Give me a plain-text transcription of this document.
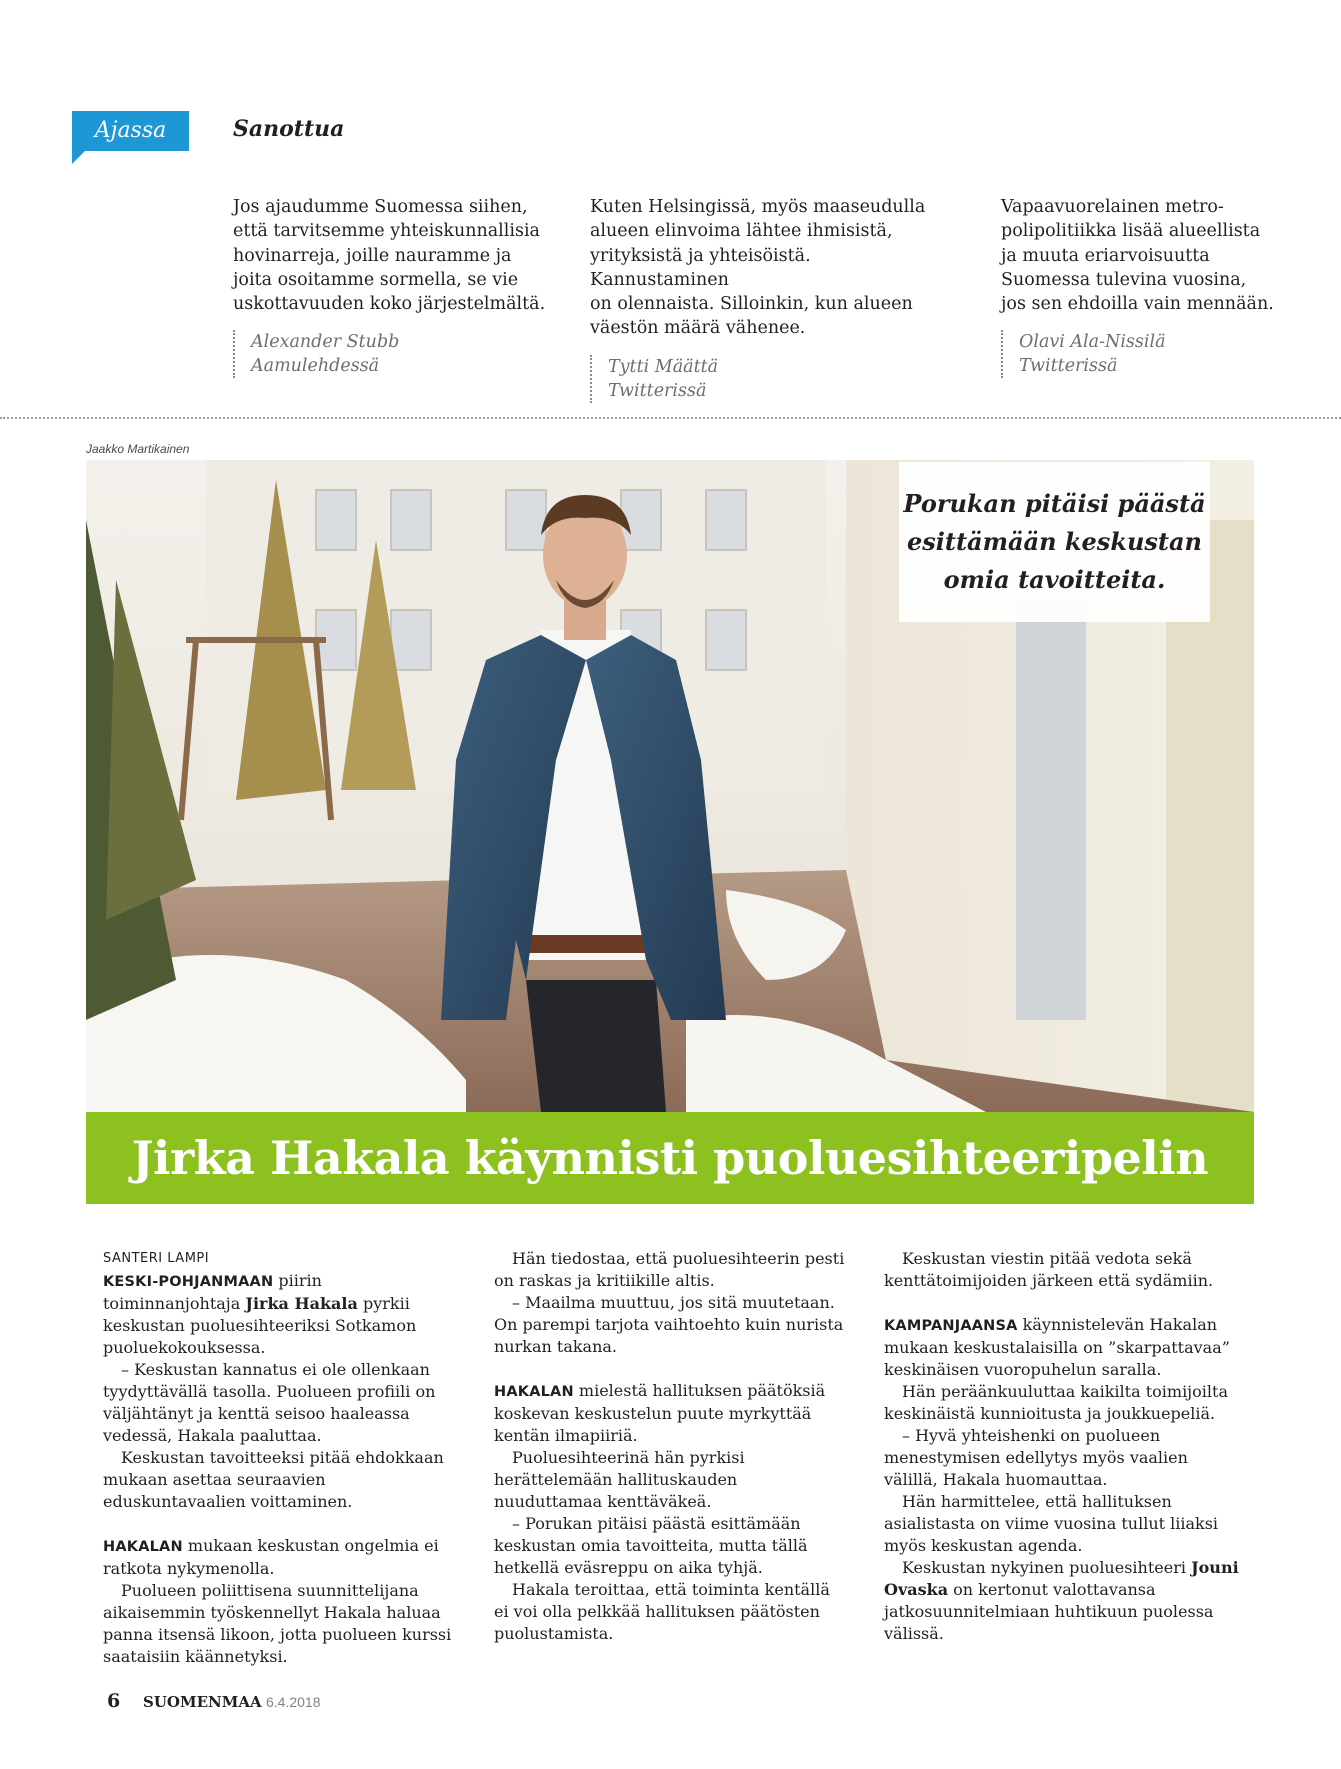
Ajassa	Sanottua
Jos ajaudumme Suomessa siihen,
että tarvitsemme yhteiskunnallisia
hovinarreja, joille nauramme ja
joita osoitamme sormella, se vie
uskottavuuden koko järjestelmältä.
Alexander Stubb
Aamulehdessä
Kuten Helsingissä, myös maaseudulla
alueen elinvoima lähtee ihmisistä,
yrityksistä ja yhteisöistä. Kannustaminen
on olennaista. Silloinkin, kun alueen
väestön määrä vähenee.
Tytti Määttä
Twitterissä
Vapaavuorelainen metro-
polipolitiikka lisää alueellista
ja muuta eriarvoisuutta
Suomessa tulevina vuosina,
jos sen ehdoilla vain mennään.
Olavi Ala-Nissilä
Twitterissä
Jaakko Martikainen
Porukan pitäisi päästä
esittämään keskustan
omia tavoitteita.
Jirka Hakala käynnisti puoluesihteeripelin
SANTERI LAMPI

KESKI-POHJANMAAN piirin toiminnanjohtaja Jirka Hakala pyrkii keskustan puoluesihteeriksi Sotkamon puoluekokouksessa.

– Keskustan kannatus ei ole ollenkaan tyydyttävällä tasolla. Puolueen profiili on väljähtänyt ja kenttä seisoo haaleassa vedessä, Hakala paaluttaa.

Keskustan tavoitteeksi pitää ehdokkaan mukaan asettaa seuraavien eduskuntavaalien voittaminen.

HAKALAN mukaan keskustan ongelmia ei ratkota nykymenolla.

Puolueen poliittisena suunnittelijana aikaisemmin työskennellyt Hakala haluaa panna itsensä likoon, jotta puolueen kurssi saataisiin käännetyksi.

Hän tiedostaa, että puoluesihteerin pesti on raskas ja kritiikille altis.

– Maailma muuttuu, jos sitä muutetaan. On parempi tarjota vaihtoehto kuin nurista nurkan takana.

HAKALAN mielestä hallituksen päätöksiä koskevan keskustelun puute myrkyttää kentän ilmapiiriä.

Puoluesihteerinä hän pyrkisi herättelemään hallituskauden nuuduttamaa kenttäväkeä.

– Porukan pitäisi päästä esittämään keskustan omia tavoitteita, mutta tällä hetkellä eväsreppu on aika tyhjä.

Hakala teroittaa, että toiminta kentällä ei voi olla pelkkää hallituksen päätösten puolustamista.

Keskustan viestin pitää vedota sekä kenttätoimijoiden järkeen että sydämiin.

KAMPANJAANSA käynnistelevän Hakalan mukaan keskustalaisilla on ”skarpattavaa” keskinäisen vuoropuhelun saralla.

Hän peräänkuuluttaa kaikilta toimijoilta keskinäistä kunnioitusta ja joukkuepeliä.

– Hyvä yhteishenki on puolueen menestymisen edellytys myös vaalien välillä, Hakala huomauttaa.

Hän harmittelee, että hallituksen asialistasta on viime vuosina tullut liiaksi myös keskustan agenda.

Keskustan nykyinen puoluesihteeri Jouni Ovaska on kertonut valottavansa jatkosuunnitelmiaan huhtikuun puolessa välissä.

6 SUOMENMAA 6.4.2018
